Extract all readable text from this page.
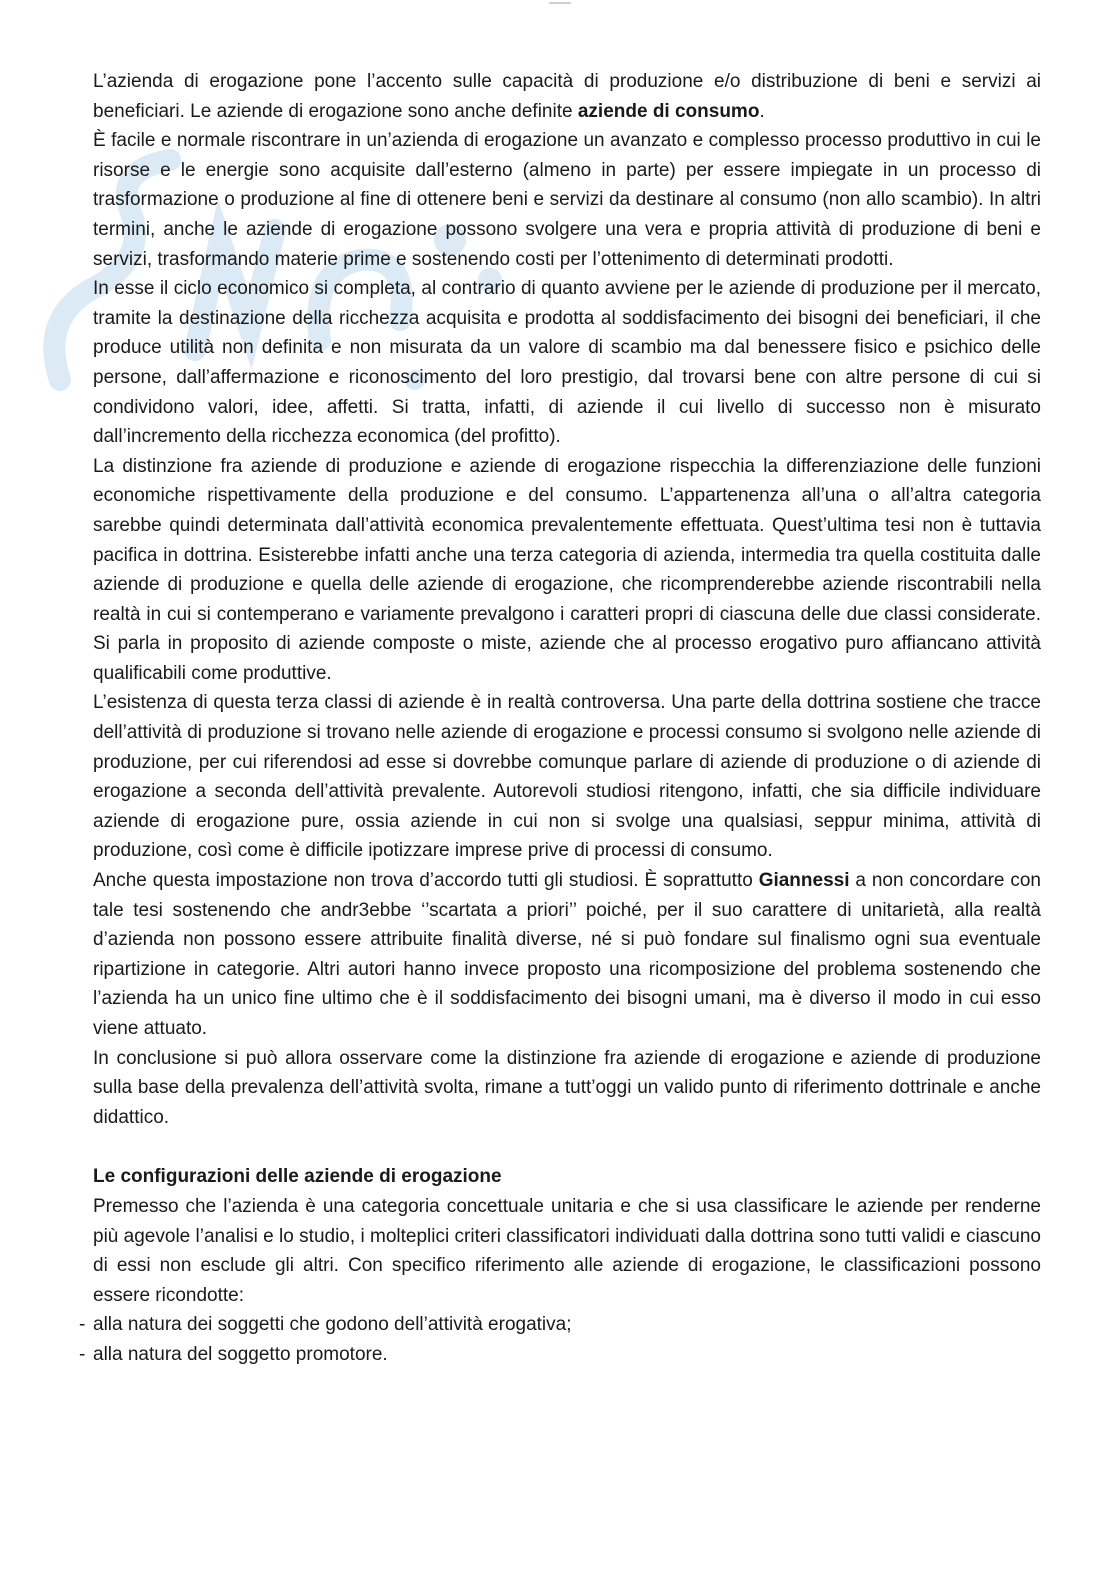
L’azienda di erogazione pone l’accento sulle capacità di produzione e/o distribuzione di beni e servizi ai beneficiari. Le aziende di erogazione sono anche definite aziende di consumo.

È facile e normale riscontrare in un’azienda di erogazione un avanzato e complesso processo produttivo in cui le risorse e le energie sono acquisite dall’esterno (almeno in parte) per essere impiegate in un processo di trasformazione o produzione al fine di ottenere beni e servizi da destinare al consumo (non allo scambio). In altri termini, anche le aziende di erogazione possono svolgere una vera e propria attività di produzione di beni e servizi, trasformando materie prime e sostenendo costi per l’ottenimento di determinati prodotti.

In esse il ciclo economico si completa, al contrario di quanto avviene per le aziende di produzione per il mercato, tramite la destinazione della ricchezza acquisita e prodotta al soddisfacimento dei bisogni dei beneficiari, il che produce utilità non definita e non misurata da un valore di scambio ma dal benessere fisico e psichico delle persone, dall’affermazione e riconoscimento del loro prestigio, dal trovarsi bene con altre persone di cui si condividono valori, idee, affetti. Si tratta, infatti, di aziende il cui livello di successo non è misurato dall’incremento della ricchezza economica (del profitto).

La distinzione fra aziende di produzione e aziende di erogazione rispecchia la differenziazione delle funzioni economiche rispettivamente della produzione e del consumo. L’appartenenza all’una o all’altra categoria sarebbe quindi determinata dall’attività economica prevalentemente effettuata. Quest’ultima tesi non è tuttavia pacifica in dottrina. Esisterebbe infatti anche una terza categoria di azienda, intermedia tra quella costituita dalle aziende di produzione e quella delle aziende di erogazione, che ricomprenderebbe aziende riscontrabili nella realtà in cui si contemperano e variamente prevalgono i caratteri propri di ciascuna delle due classi considerate. Si parla in proposito di aziende composte o miste, aziende che al processo erogativo puro affiancano attività qualificabili come produttive.

L’esistenza di questa terza classi di aziende è in realtà controversa. Una parte della dottrina sostiene che tracce dell’attività di produzione si trovano nelle aziende di erogazione e processi consumo si svolgono nelle aziende di produzione, per cui riferendosi ad esse si dovrebbe comunque parlare di aziende di produzione o di aziende di erogazione a seconda dell’attività prevalente. Autorevoli studiosi ritengono, infatti, che sia difficile individuare aziende di erogazione pure, ossia aziende in cui non si svolge una qualsiasi, seppur minima, attività di produzione, così come è difficile ipotizzare imprese prive di processi di consumo.

Anche questa impostazione non trova d’accordo tutti gli studiosi. È soprattutto Giannessi a non concordare con tale tesi sostenendo che andr3ebbe ‘’scartata a priori’’ poiché, per il suo carattere di unitarietà, alla realtà d’azienda non possono essere attribuite finalità diverse, né si può fondare sul finalismo ogni sua eventuale ripartizione in categorie. Altri autori hanno invece proposto una ricomposizione del problema sostenendo che l’azienda ha un unico fine ultimo che è il soddisfacimento dei bisogni umani, ma è diverso il modo in cui esso viene attuato.

In conclusione si può allora osservare come la distinzione fra aziende di erogazione e aziende di produzione sulla base della prevalenza dell’attività svolta, rimane a tutt’oggi un valido punto di riferimento dottrinale e anche didattico.

Le configurazioni delle aziende di erogazione

Premesso che l’azienda è una categoria concettuale unitaria e che si usa classificare le aziende per renderne più agevole l’analisi e lo studio, i molteplici criteri classificatori individuati dalla dottrina sono tutti validi e ciascuno di essi non esclude gli altri. Con specifico riferimento alle aziende di erogazione, le classificazioni possono essere ricondotte:

- alla natura dei soggetti che godono dell’attività erogativa;
- alla natura del soggetto promotore.
